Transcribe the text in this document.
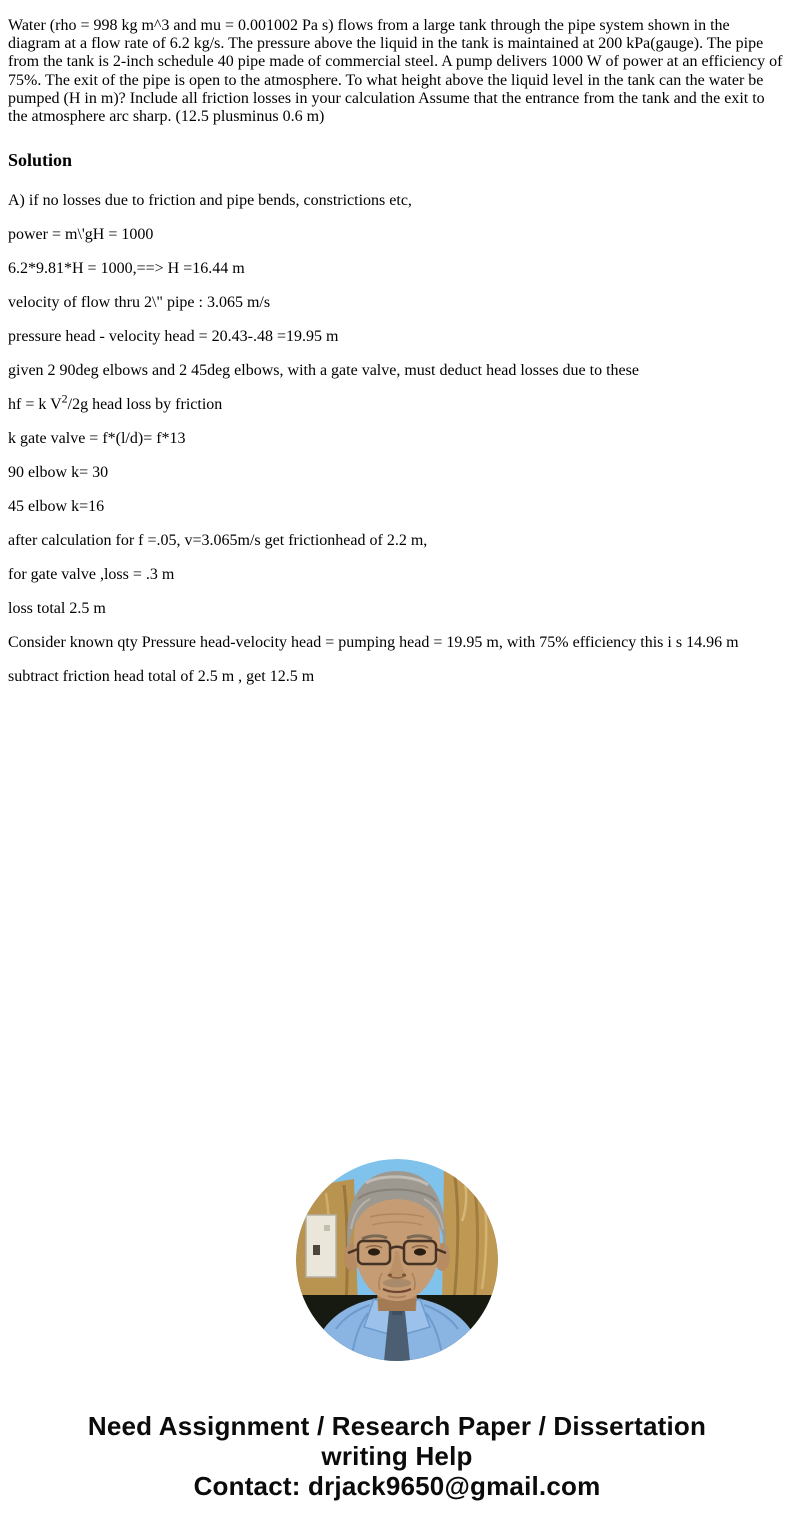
Water (rho = 998 kg m^3 and mu = 0.001002 Pa s) flows from a large tank through the pipe system shown in the diagram at a flow rate of 6.2 kg/s. The pressure above the liquid in the tank is maintained at 200 kPa(gauge). The pipe from the tank is 2-inch schedule 40 pipe made of commercial steel. A pump delivers 1000 W of power at an efficiency of 75%. The exit of the pipe is open to the atmosphere. To what height above the liquid level in the tank can the water be pumped (H in m)? Include all friction losses in your calculation Assume that the entrance from the tank and the exit to the atmosphere arc sharp. (12.5 plusminus 0.6 m)

Solution

A) if no losses due to friction and pipe bends, constrictions etc,

power = m\'gH = 1000

6.2*9.81*H = 1000,==> H =16.44 m

velocity of flow thru 2\" pipe : 3.065 m/s

pressure head - velocity head = 20.43-.48 =19.95 m

given 2 90deg elbows and 2 45deg elbows, with a gate valve, must deduct head losses due to these

hf = k $V^2/2g$ head loss by friction

k gate valve = f*(l/d)= f*13

90 elbow k= 30

45 elbow k=16

after calculation for f =.05, v=3.065m/s get frictionhead of 2.2 m,

for gate valve ,loss = .3 m

loss total 2.5 m

Consider known qty Pressure head-velocity head = pumping head = 19.95 m, with 75% efficiency this i s 14.96 m

subtract friction head total of 2.5 m , get 12.5 m

Need Assignment / Research Paper / Dissertation
writing Help
Contact: drjack9650@gmail.com
